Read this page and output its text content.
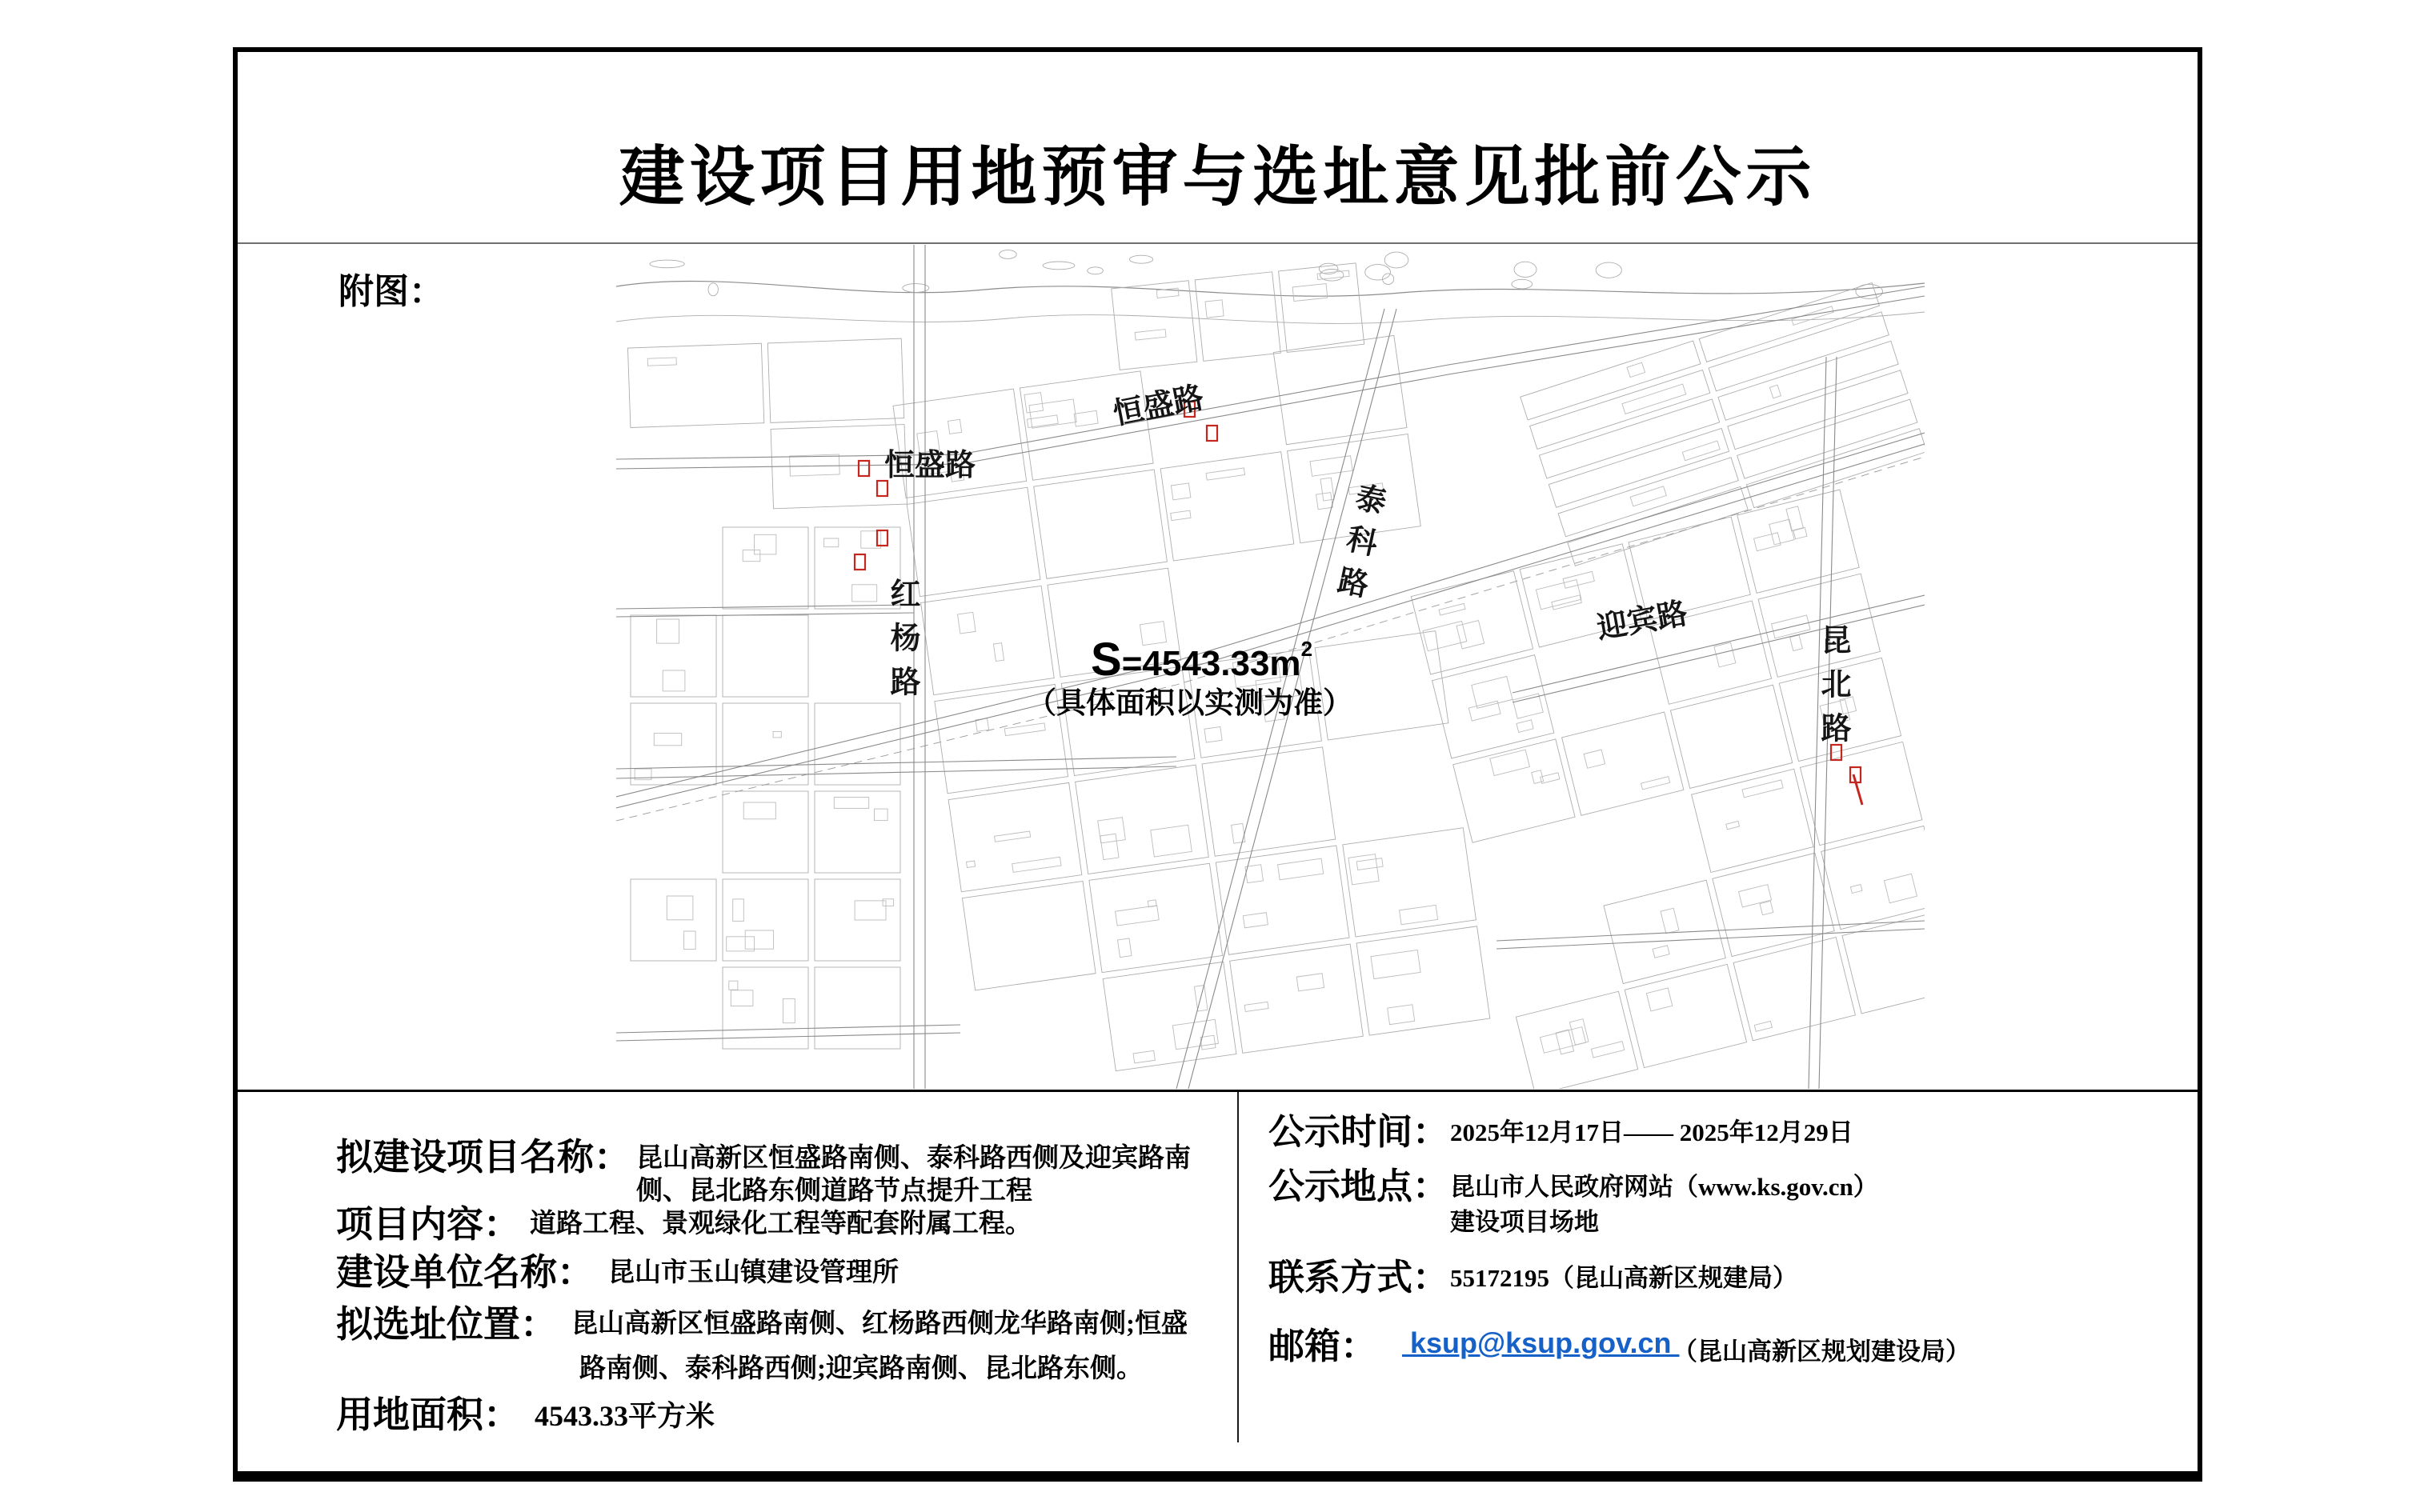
建设项目用地预审与选址意见批前公示
附图：
恒盛路
恒盛路
泰科路
红杨路	迎宾路
昆北路
$S=4543.33m^2$
（具体面积以实测为准）
拟建设项目名称： 昆山高新区恒盛路南侧、泰科路西侧及迎宾路南
侧、昆北路东侧道路节点提升工程
项目内容： 道路工程、景观绿化工程等配套附属工程。
建设单位名称： 昆山市玉山镇建设管理所
拟选址位置： 昆山高新区恒盛路南侧、红杨路西侧龙华路南侧;恒盛
路南侧、泰科路西侧;迎宾路南侧、昆北路东侧。
用地面积： 4543.33平方米
公示时间： 2025年12月17日—— 2025年12月29日
公示地点： 昆山市人民政府网站（www.ks.gov.cn）
建设项目场地
联系方式： 55172195（昆山高新区规建局）
邮箱： ksup@ksup.gov.cn
（昆山高新区规划建设局）
